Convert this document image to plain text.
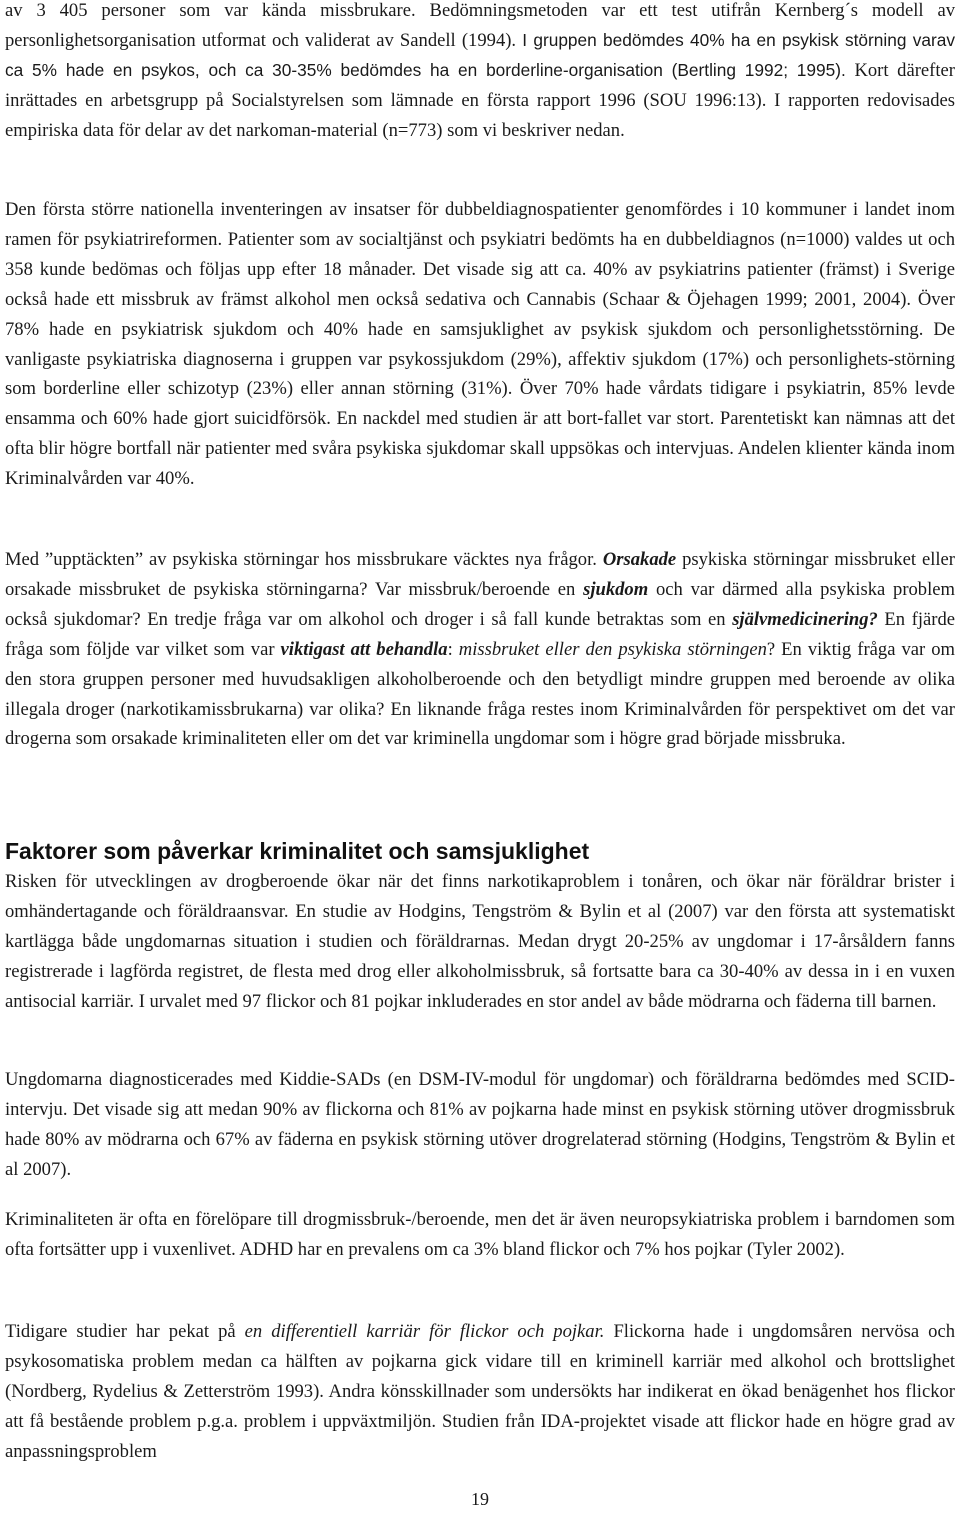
av 3 405 personer som var kända missbrukare. Bedömningsmetoden var ett test utifrån Kernberg´s modell av personlighetsorganisation utformat och validerat av Sandell (1994). I gruppen bedömdes 40% ha en psykisk störning varav ca 5% hade en psykos, och ca 30-35% bedömdes ha en borderline-organisation (Bertling 1992; 1995). Kort därefter inrättades en arbetsgrupp på Socialstyrelsen som lämnade en första rapport 1996 (SOU 1996:13). I rapporten redovisades empiriska data för delar av det narkoman-material (n=773) som vi beskriver nedan.

Den första större nationella inventeringen av insatser för dubbeldiagnospatienter genomfördes i 10 kommuner i landet inom ramen för psykiatrireformen. Patienter som av socialtjänst och psykiatri bedömts ha en dubbeldiagnos (n=1000) valdes ut och 358 kunde bedömas och följas upp efter 18 månader. Det visade sig att ca. 40% av psykiatrins patienter (främst) i Sverige också hade ett missbruk av främst alkohol men också sedativa och Cannabis (Schaar & Öjehagen 1999; 2001, 2004). Över 78% hade en psykiatrisk sjukdom och 40% hade en samsjuklighet av psykisk sjukdom och personlighetsstörning. De vanligaste psykiatriska diagnoserna i gruppen var psykossjukdom (29%), affektiv sjukdom (17%) och personlighets-störning som borderline eller schizotyp (23%) eller annan störning (31%). Över 70% hade vårdats tidigare i psykiatrin, 85% levde ensamma och 60% hade gjort suicidförsök. En nackdel med studien är att bort-fallet var stort. Parentetiskt kan nämnas att det ofta blir högre bortfall när patienter med svåra psykiska sjukdomar skall uppsökas och intervjuas. Andelen klienter kända inom Kriminalvården var 40%.

Med ”upptäckten” av psykiska störningar hos missbrukare väcktes nya frågor. Orsakade psykiska störningar missbruket eller orsakade missbruket de psykiska störningarna? Var missbruk/beroende en sjukdom och var därmed alla psykiska problem också sjukdomar? En tredje fråga var om alkohol och droger i så fall kunde betraktas som en självmedicinering? En fjärde fråga som följde var vilket som var viktigast att behandla: missbruket eller den psykiska störningen? En viktig fråga var om den stora gruppen personer med huvudsakligen alkoholberoende och den betydligt mindre gruppen med beroende av olika illegala droger (narkotikamissbrukarna) var olika? En liknande fråga restes inom Kriminalvården för perspektivet om det var drogerna som orsakade kriminaliteten eller om det var kriminella ungdomar som i högre grad började missbruka.

Faktorer som påverkar kriminalitet och samsjuklighet

Risken för utvecklingen av drogberoende ökar när det finns narkotikaproblem i tonåren, och ökar när föräldrar brister i omhändertagande och föräldraansvar. En studie av Hodgins, Tengström & Bylin et al (2007) var den första att systematiskt kartlägga både ungdomarnas situation i studien och föräldrarnas. Medan drygt 20-25% av ungdomar i 17-årsåldern fanns registrerade i lagförda registret, de flesta med drog eller alkoholmissbruk, så fortsatte bara ca 30-40% av dessa in i en vuxen antisocial karriär. I urvalet med 97 flickor och 81 pojkar inkluderades en stor andel av både mödrarna och fäderna till barnen.

Ungdomarna diagnosticerades med Kiddie-SADs (en DSM-IV-modul för ungdomar) och föräldrarna bedömdes med SCID-intervju. Det visade sig att medan 90% av flickorna och 81% av pojkarna hade minst en psykisk störning utöver drogmissbruk hade 80% av mödrarna och 67% av fäderna en psykisk störning utöver drogrelaterad störning (Hodgins, Tengström & Bylin et al 2007).

Kriminaliteten är ofta en förelöpare till drogmissbruk-/beroende, men det är även neuropsykiatriska problem i barndomen som ofta fortsätter upp i vuxenlivet. ADHD har en prevalens om ca 3% bland flickor och 7% hos pojkar (Tyler 2002).

Tidigare studier har pekat på en differentiell karriär för flickor och pojkar. Flickorna hade i ungdomsåren nervösa och psykosomatiska problem medan ca hälften av pojkarna gick vidare till en kriminell karriär med alkohol och brottslighet (Nordberg, Rydelius & Zetterström 1993). Andra könsskillnader som undersökts har indikerat en ökad benägenhet hos flickor att få bestående problem p.g.a. problem i uppväxtmiljön. Studien från IDA-projektet visade att flickor hade en högre grad av anpassningsproblem

19
